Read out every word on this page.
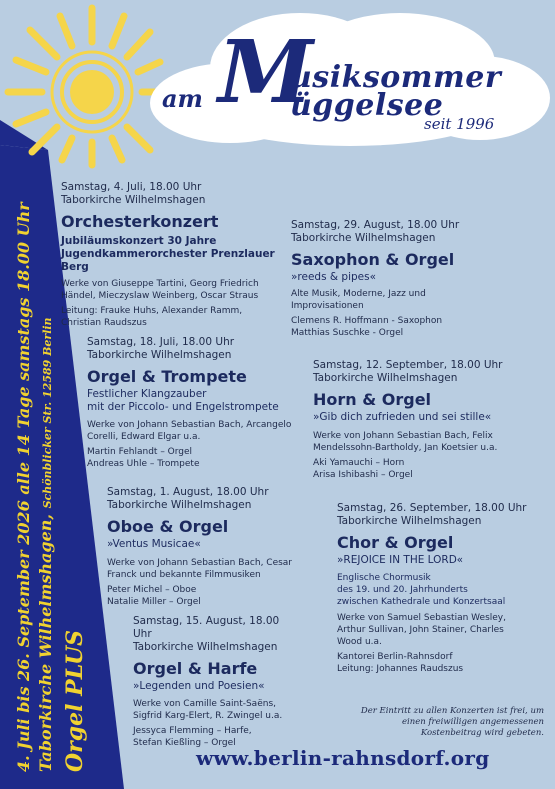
am M
usiksommer
üggelsee
seit 1996
4. Juli bis 26. September 2026 alle 14 Tage samstags 18.00 Uhr Taborkirche Wilhelmshagen, Schönblicker Str. 12589 Berlin
Orgel PLUS
Samstag, 4. Juli, 18.00 Uhr
Taborkirche Wilhelmshagen
Orchesterkonzert
Jubiläumskonzert 30 Jahre
Jugendkammerorchester Prenzlauer Berg
Werke von Giuseppe Tartini, Georg Friedrich Händel, Mieczyslaw Weinberg, Oscar Straus
Leitung: Frauke Huhs, Alexander Ramm, Christian Raudszus
Samstag, 18. Juli, 18.00 Uhr
Taborkirche Wilhelmshagen
Orgel & Trompete
Festlicher Klangzauber
mit der Piccolo- und Engelstrompete
Werke von Johann Sebastian Bach, Arcangelo Corelli, Edward Elgar u.a.
Martin Fehlandt – Orgel
Andreas Uhle – Trompete
Samstag, 1. August, 18.00 Uhr
Taborkirche Wilhelmshagen
Oboe & Orgel
»Ventus Musicae«
Werke von Johann Sebastian Bach, Cesar Franck und bekannte Filmmusiken
Peter Michel – Oboe
Natalie Miller – Orgel
Samstag, 15. August, 18.00 Uhr
Taborkirche Wilhelmshagen
Orgel & Harfe
»Legenden und Poesien«
Werke von Camille Saint-Saëns, Sigfrid Karg-Elert, R. Zwingel u.a.
Jessyca Flemming – Harfe,
Stefan Kießling – Orgel
Samstag, 29. August, 18.00 Uhr
Taborkirche Wilhelmshagen
Saxophon & Orgel
»reeds & pipes«
Alte Musik, Moderne, Jazz und Improvisationen
Clemens R. Hoffmann - Saxophon
Matthias Suschke - Orgel
Samstag, 12. September, 18.00 Uhr
Taborkirche Wilhelmshagen
Horn & Orgel
»Gib dich zufrieden und sei stille«
Werke von Johann Sebastian Bach, Felix Mendelssohn-Bartholdy, Jan Koetsier u.a.
Aki Yamauchi – Horn
Arisa Ishibashi – Orgel
Samstag, 26. September, 18.00 Uhr
Taborkirche Wilhelmshagen
Chor & Orgel
»REJOICE IN THE LORD«
Englische Chormusik
des 19. und 20. Jahrhunderts
zwischen Kathedrale und Konzertsaal
Werke von Samuel Sebastian Wesley, Arthur Sullivan, John Stainer, Charles Wood u.a.
Kantorei Berlin-Rahnsdorf
Leitung: Johannes Raudszus
Der Eintritt zu allen Konzerten ist frei, um einen freiwilligen angemessenen Kostenbeitrag wird gebeten.
www.berlin-rahnsdorf.org
